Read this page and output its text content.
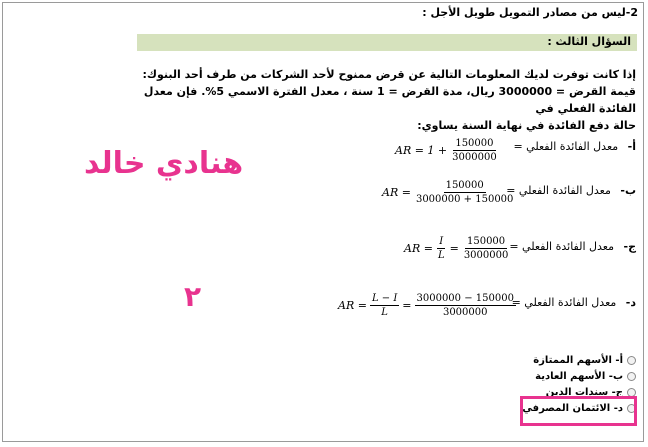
2-ليس من مصادر التمويل طويل الأجل :
السؤال الثالث :
إذا كانت توفرت لديك المعلومات التالية عن قرض ممنوح لأحد الشركات من طرف أحد البنوك:
قيمة القرض = 3000000 ريال، مدة القرض = 1 سنة ، معدل الفترة الاسمي 5%. فإن معدل الفائدة الفعلي في
حالة دفع الفائدة في نهاية السنة يساوي:
أ- معدل الفائدة الفعلي =
AR = $1 + \frac{150000}{3000000}$
ب- معدل الفائدة الفعلي =
AR = $\frac{150000}{3000000 + 150000}$
ج- معدل الفائدة الفعلي =
AR = $\frac{I}{L} = \frac{150000}{3000000}$
د- معدل الفائدة الفعلي =
AR = $\frac{L - I}{L} = \frac{3000000 - 150000}{3000000}$
هنادي خالد
٢
أ- الأسهم الممتازة
ب- الأسهم العادية
ج- سندات الدين
د- الائتمان المصرفي
